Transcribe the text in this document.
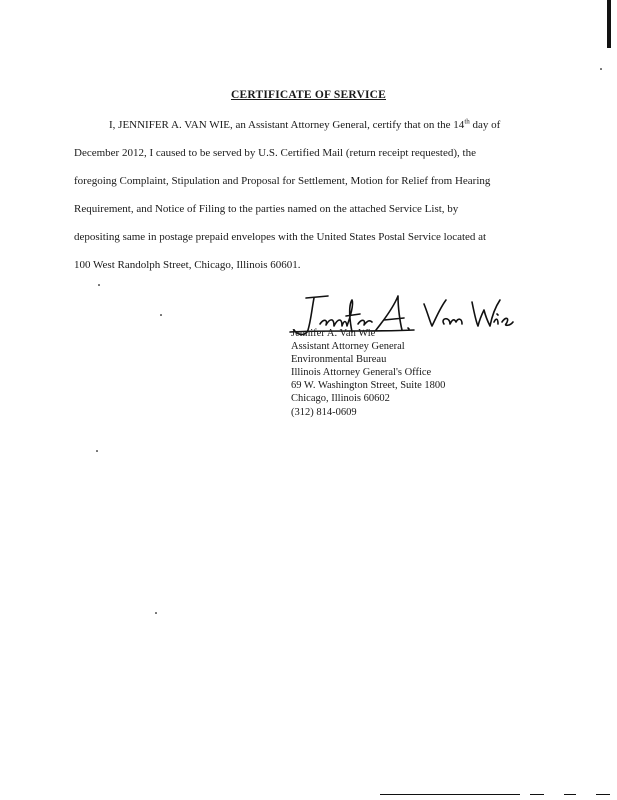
CERTIFICATE OF SERVICE
I, JENNIFER A. VAN WIE, an Assistant Attorney General, certify that on the 14th day of
December 2012, I caused to be served by U.S. Certified Mail (return receipt requested), the
foregoing Complaint, Stipulation and Proposal for Settlement, Motion for Relief from Hearing
Requirement, and Notice of Filing to the parties named on the attached Service List, by
depositing same in postage prepaid envelopes with the United States Postal Service located at
100 West Randolph Street, Chicago, Illinois 60601.
Jennifer A. Van Wie
Assistant Attorney General
Environmental Bureau
Illinois Attorney General's Office
69 W. Washington Street, Suite 1800
Chicago, Illinois 60602
(312) 814-0609
